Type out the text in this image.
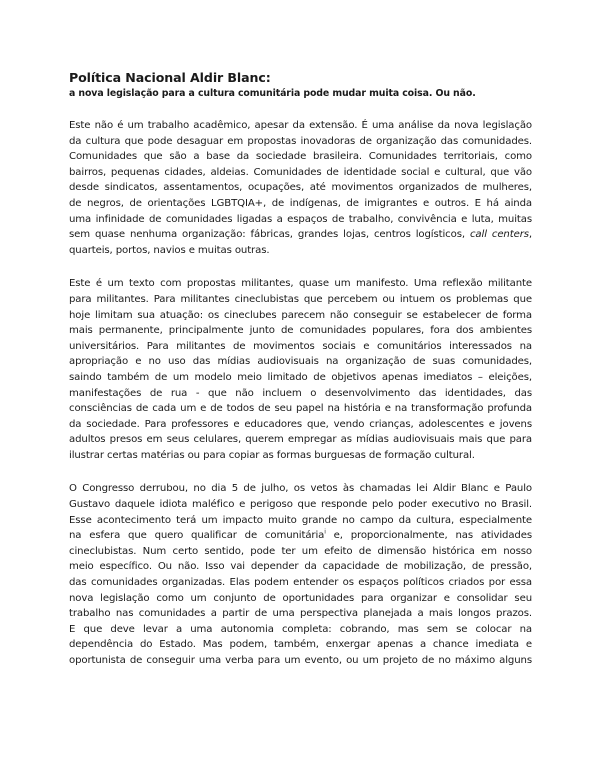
Política Nacional Aldir Blanc:
a nova legislação para a cultura comunitária pode mudar muita coisa. Ou não.
Este não é um trabalho acadêmico, apesar da extensão. É uma análise da nova legislação
da cultura que pode desaguar em propostas inovadoras de organização das comunidades.
Comunidades que são a base da sociedade brasileira. Comunidades territoriais, como
bairros, pequenas cidades, aldeias. Comunidades de identidade social e cultural, que vão
desde sindicatos, assentamentos, ocupações, até movimentos organizados de mulheres,
de negros, de orientações LGBTQIA+, de indígenas, de imigrantes e outros. E há ainda
uma infinidade de comunidades ligadas a espaços de trabalho, convivência e luta, muitas
sem quase nenhuma organização: fábricas, grandes lojas, centros logísticos, call centers,
quarteis, portos, navios e muitas outras.
Este é um texto com propostas militantes, quase um manifesto. Uma reflexão militante
para militantes. Para militantes cineclubistas que percebem ou intuem os problemas que
hoje limitam sua atuação: os cineclubes parecem não conseguir se estabelecer de forma
mais permanente, principalmente junto de comunidades populares, fora dos ambientes
universitários. Para militantes de movimentos sociais e comunitários interessados na
apropriação e no uso das mídias audiovisuais na organização de suas comunidades,
saindo também de um modelo meio limitado de objetivos apenas imediatos – eleições,
manifestações de rua - que não incluem o desenvolvimento das identidades, das
consciências de cada um e de todos de seu papel na história e na transformação profunda
da sociedade. Para professores e educadores que, vendo crianças, adolescentes e jovens
adultos presos em seus celulares, querem empregar as mídias audiovisuais mais que para
ilustrar certas matérias ou para copiar as formas burguesas de formação cultural.
O Congresso derrubou, no dia 5 de julho, os vetos às chamadas lei Aldir Blanc e Paulo
Gustavo daquele idiota maléfico e perigoso que responde pelo poder executivo no Brasil.
Esse acontecimento terá um impacto muito grande no campo da cultura, especialmente
na esfera que quero qualificar de comunitária$^i$ e, proporcionalmente, nas atividades
cineclubistas. Num certo sentido, pode ter um efeito de dimensão histórica em nosso
meio específico. Ou não. Isso vai depender da capacidade de mobilização, de pressão,
das comunidades organizadas. Elas podem entender os espaços políticos criados por essa
nova legislação como um conjunto de oportunidades para organizar e consolidar seu
trabalho nas comunidades a partir de uma perspectiva planejada a mais longos prazos.
E que deve levar a uma autonomia completa: cobrando, mas sem se colocar na
dependência do Estado. Mas podem, também, enxergar apenas a chance imediata e
oportunista de conseguir uma verba para um evento, ou um projeto de no máximo alguns
